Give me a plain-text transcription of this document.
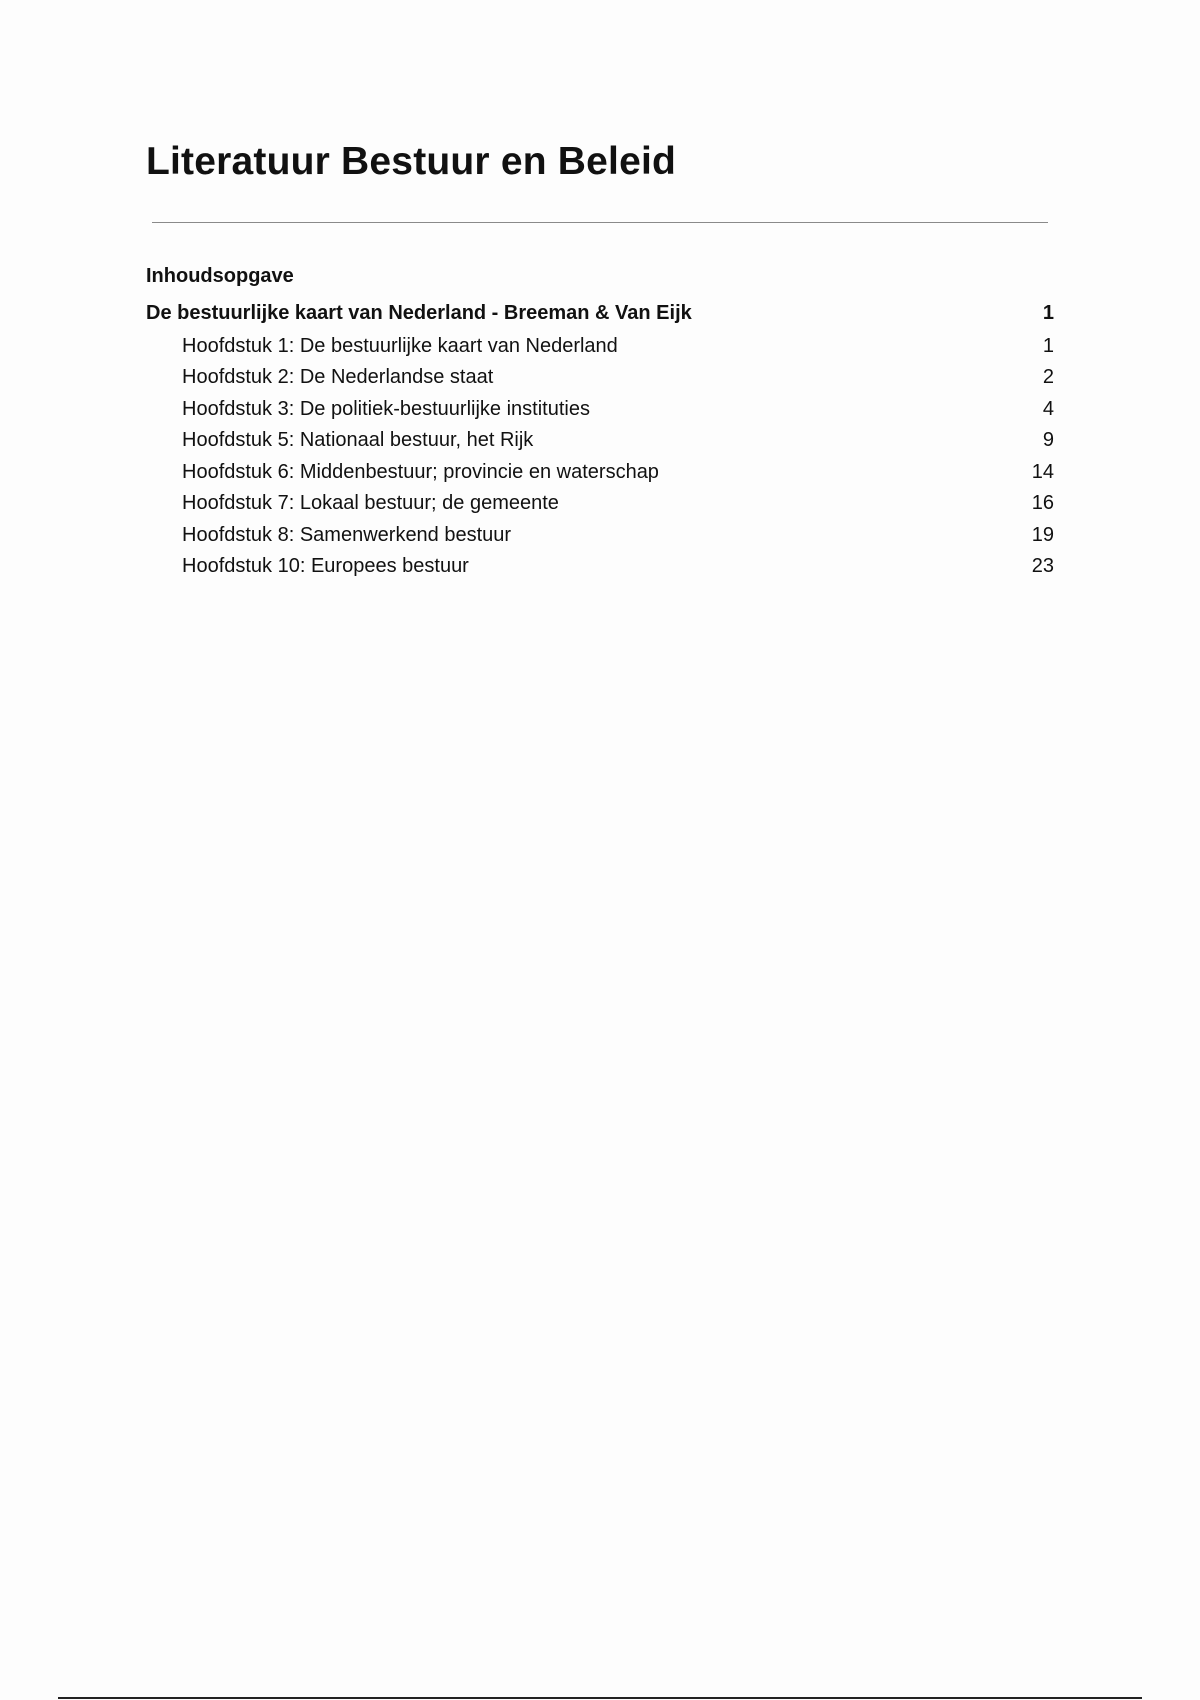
Literatuur Bestuur en Beleid
Inhoudsopgave
De bestuurlijke kaart van Nederland - Breeman & Van Eijk	1
Hoofdstuk 1: De bestuurlijke kaart van Nederland	1
Hoofdstuk 2: De Nederlandse staat	2
Hoofdstuk 3: De politiek-bestuurlijke instituties	4
Hoofdstuk 5: Nationaal bestuur, het Rijk	9
Hoofdstuk 6: Middenbestuur; provincie en waterschap	14
Hoofdstuk 7: Lokaal bestuur; de gemeente	16
Hoofdstuk 8: Samenwerkend bestuur	19
Hoofdstuk 10: Europees bestuur	23
